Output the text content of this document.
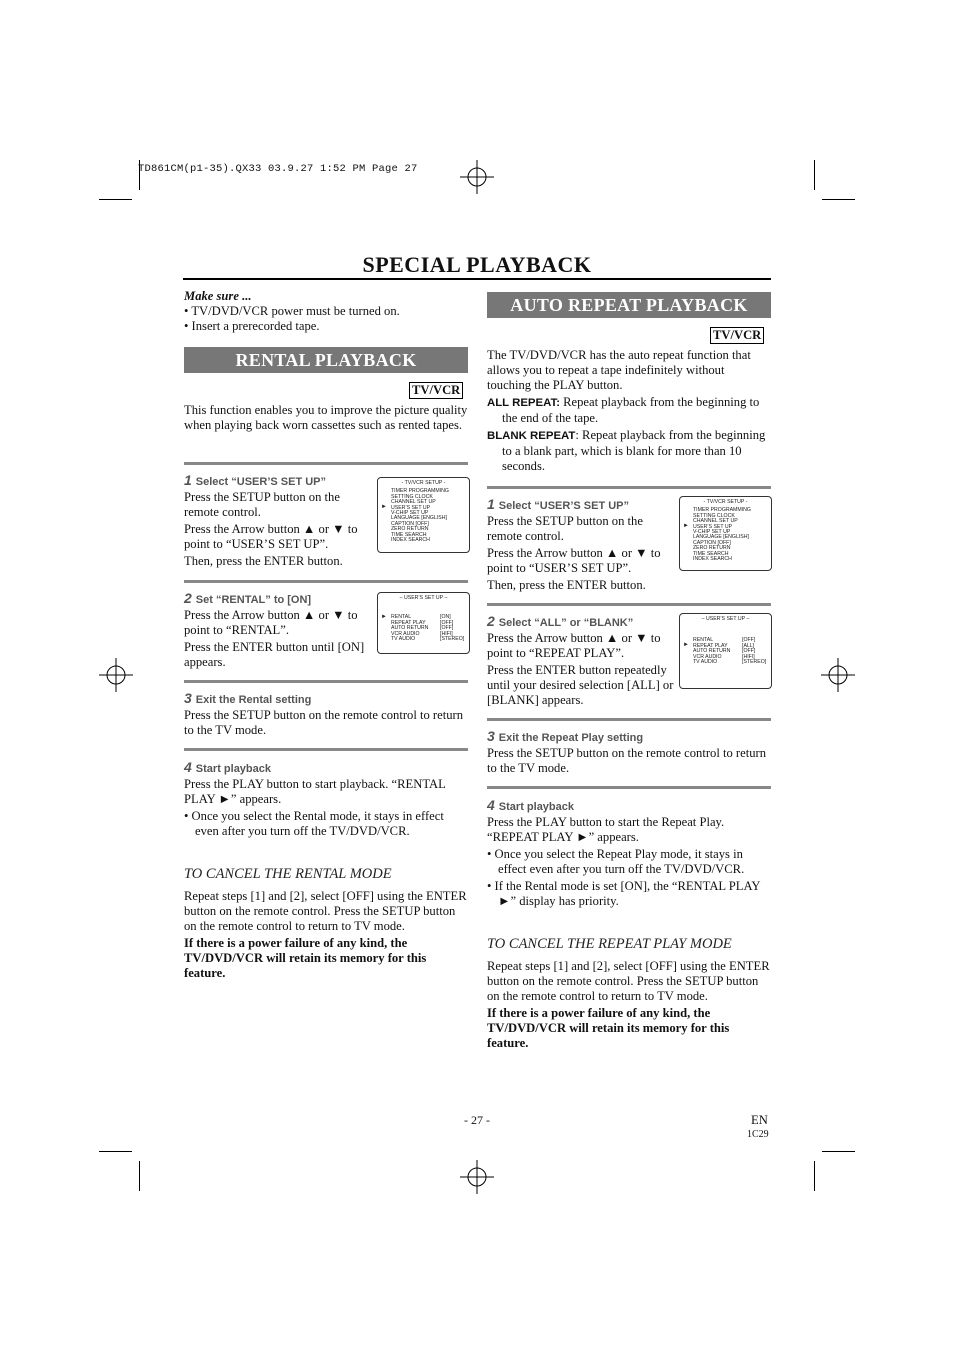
TD861CM(p1-35).QX33 03.9.27 1:52 PM Page 27
SPECIAL PLAYBACK
Make sure ...

• TV/DVD/VCR power must be turned on.

• Insert a prerecorded tape.

RENTAL PLAYBACK
TV/VCR

This function enables you to improve the picture quality when playing back worn cassettes such as rented tapes.

1 Select “USER’S SET UP”

Press the SETUP button on the remote control.

Press the Arrow button ▲ or ▼ to point to “USER’S SET UP”.

Then, press the ENTER button.

- TV/VCR SETUP -
►
TIMER PROGRAMMING
SETTING CLOCK
CHANNEL SET UP
USER’S SET UP
V-CHIP SET UP
LANGUAGE [ENGLISH]
CAPTION [OFF]
ZERO RETURN
TIME SEARCH
INDEX SEARCH
2 Set “RENTAL” to [ON]

Press the Arrow button ▲ or ▼ to point to “RENTAL”.

Press the ENTER button until [ON] appears.

– USER’S SET UP –
► RENTAL	[ON]
REPEAT PLAY	[OFF]
AUTO RETURN [OFF]
VCR AUDIO	[HIFI]
TV AUDIO	[STEREO]
3 Exit the Rental setting

Press the SETUP button on the remote control to return to the TV mode.

4 Start playback

Press the PLAY button to start playback. “RENTAL PLAY ►” appears.

• Once you select the Rental mode, it stays in effect even after you turn off the TV/DVD/VCR.

TO CANCEL THE RENTAL MODE

Repeat steps [1] and [2], select [OFF] using the ENTER button on the remote control. Press the SETUP button on the remote control to return to TV mode.

If there is a power failure of any kind, the TV/DVD/VCR will retain its memory for this feature.

AUTO REPEAT PLAYBACK
TV/VCR

The TV/DVD/VCR has the auto repeat function that allows you to repeat a tape indefinitely without touching the PLAY button.

ALL REPEAT: Repeat playback from the beginning to the end of the tape.

BLANK REPEAT: Repeat playback from the beginning to a blank part, which is blank for more than 10 seconds.

1 Select “USER’S SET UP”

Press the SETUP button on the remote control.

Press the Arrow button ▲ or ▼ to point to “USER’S SET UP”.

Then, press the ENTER button.

- TV/VCR SETUP -
►
TIMER PROGRAMMING
SETTING CLOCK
CHANNEL SET UP
USER’S SET UP
V-CHIP SET UP
LANGUAGE [ENGLISH]
CAPTION [OFF]
ZERO RETURN
TIME SEARCH
INDEX SEARCH
2 Select “ALL” or “BLANK”

Press the Arrow button ▲ or ▼ to point to “REPEAT PLAY”.

Press the ENTER button repeatedly until your desired selection [ALL] or [BLANK] appears.

– USER’S SET UP –
►
RENTAL	[OFF]
REPEAT PLAY	[ALL]
AUTO RETURN [OFF]
VCR AUDIO	[HIFI]
TV AUDIO	[STEREO]
3 Exit the Repeat Play setting

Press the SETUP button on the remote control to return to the TV mode.

4 Start playback

Press the PLAY button to start the Repeat Play. “REPEAT PLAY ►” appears.

• Once you select the Repeat Play mode, it stays in effect even after you turn off the TV/DVD/VCR.

• If the Rental mode is set [ON], the “RENTAL PLAY ►” display has priority.

TO CANCEL THE REPEAT PLAY MODE

Repeat steps [1] and [2], select [OFF] using the ENTER button on the remote control. Press the SETUP button on the remote control to return to TV mode.

If there is a power failure of any kind, the TV/DVD/VCR will retain its memory for this feature.

- 27 -	EN
1C29
